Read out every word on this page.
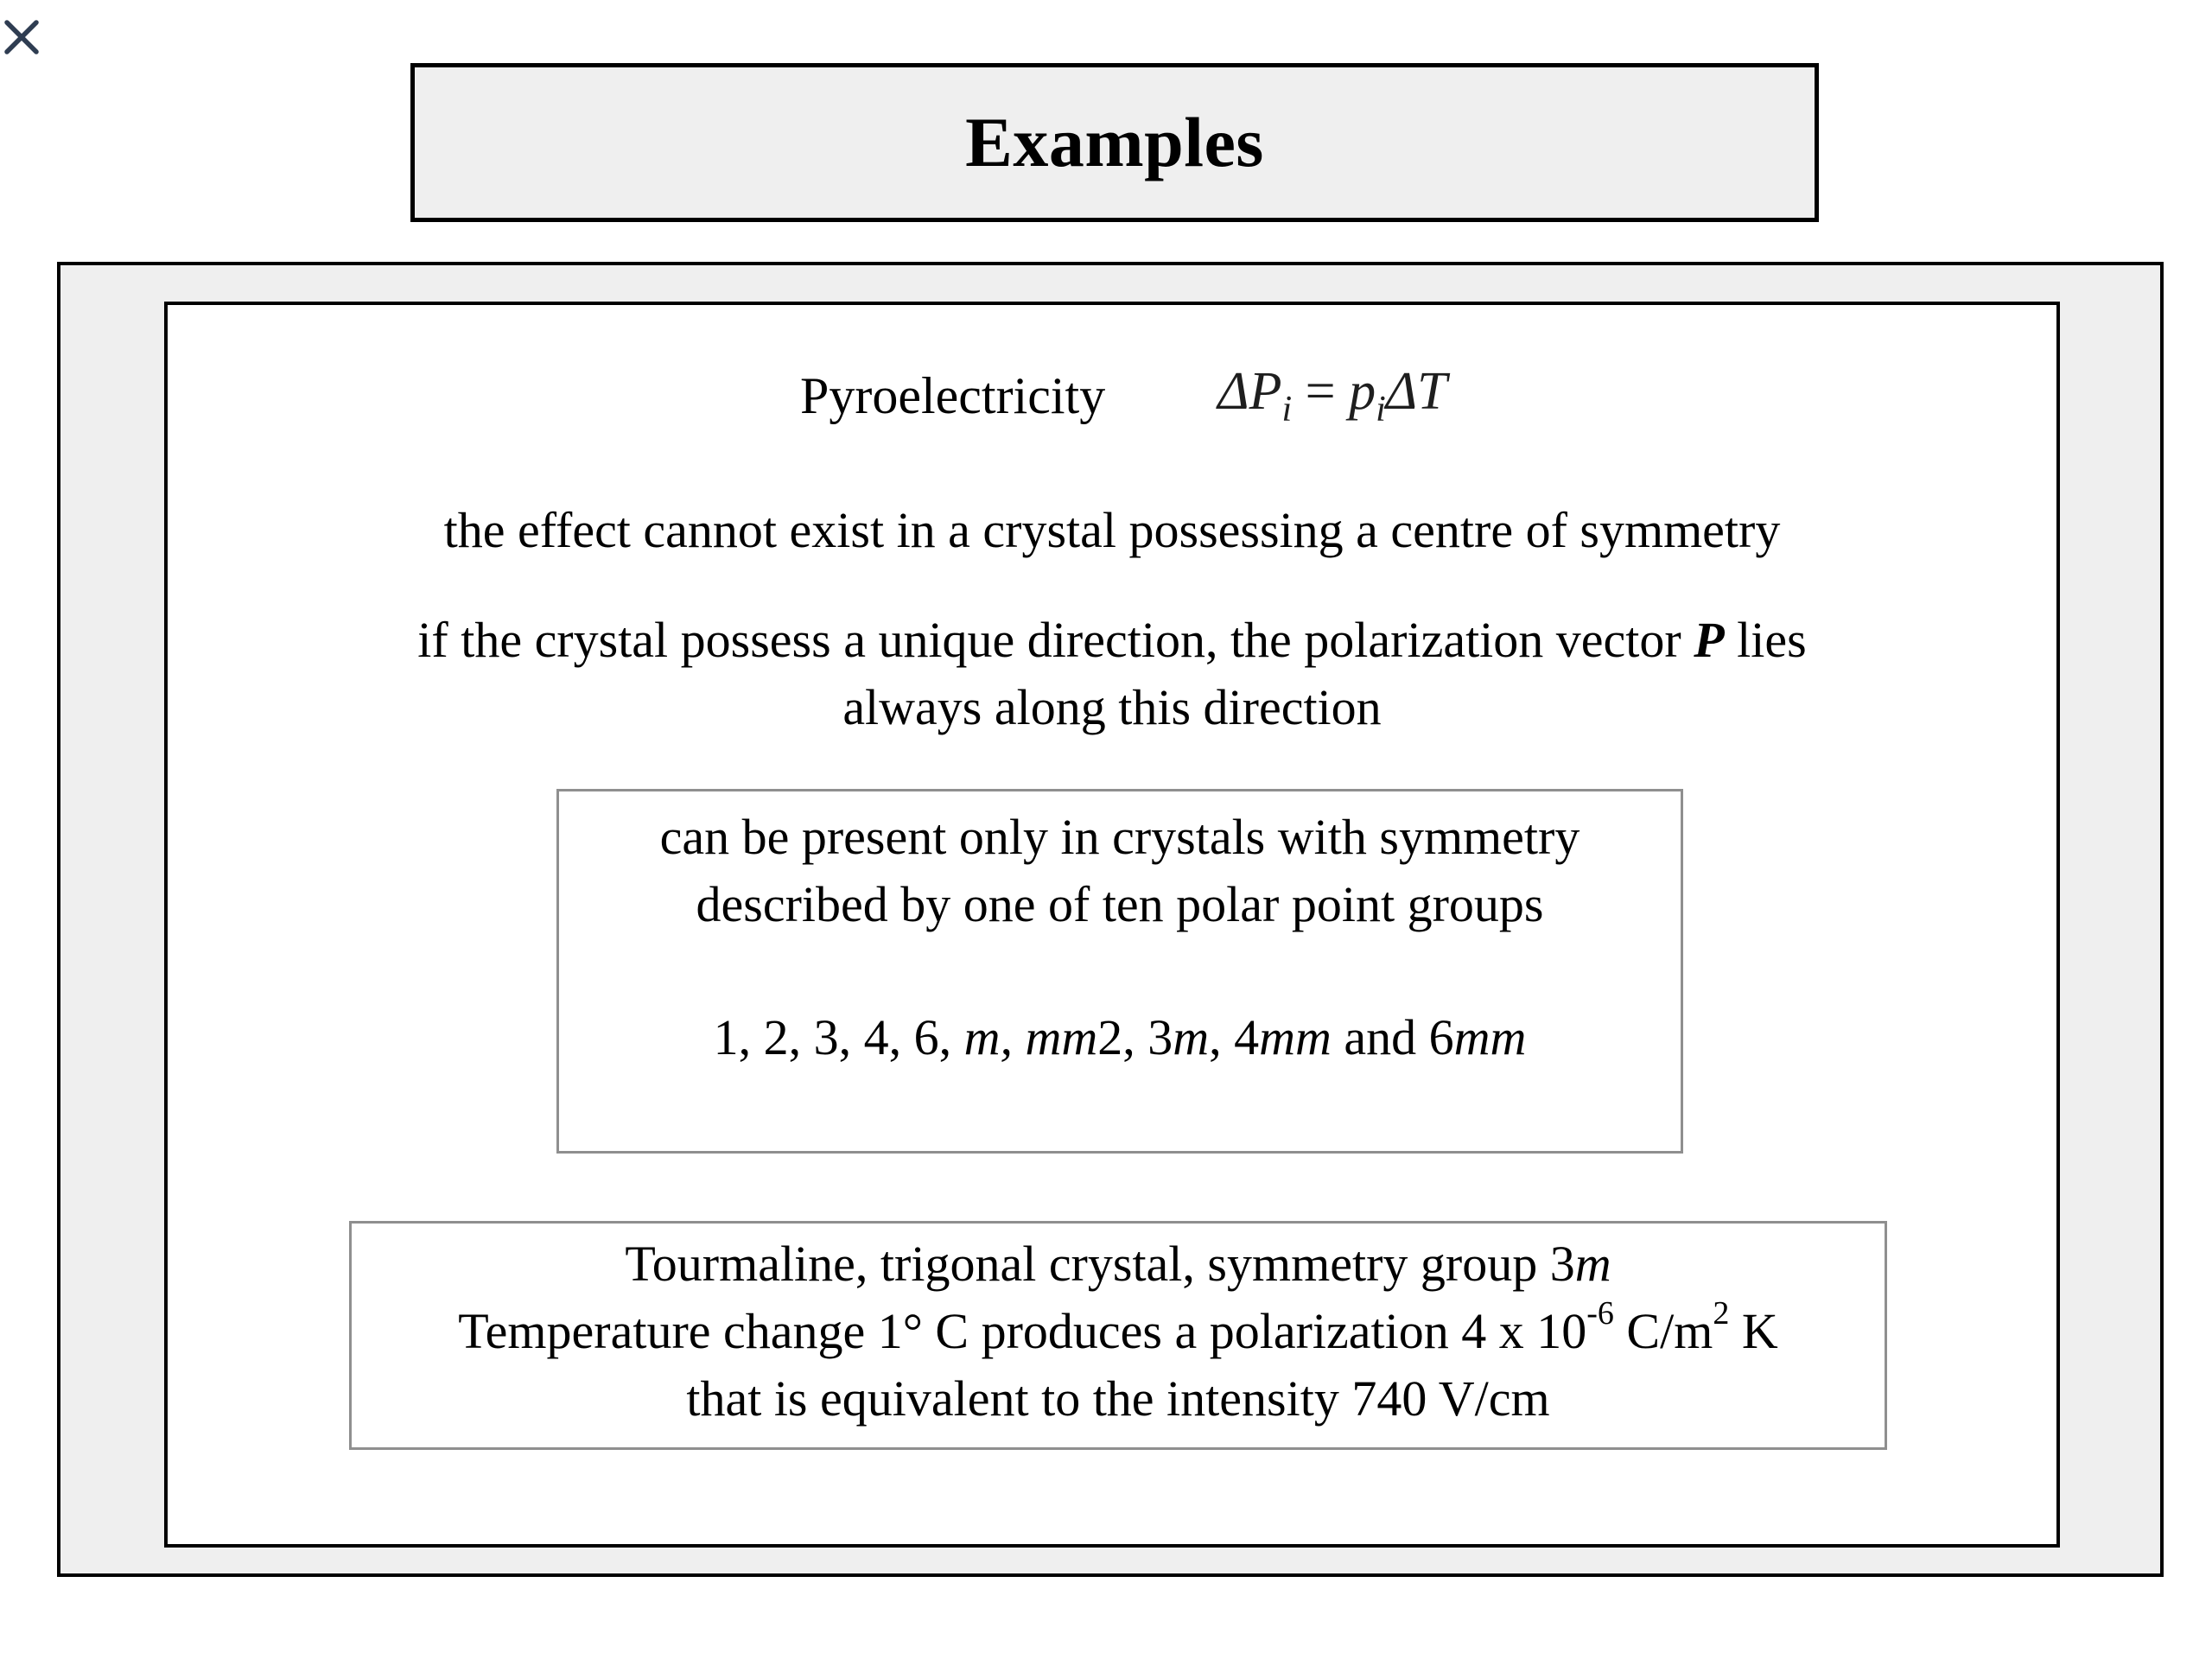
Examples
Pyroelectricity $\Delta P_i = p_i\Delta T$
the effect cannot exist in a crystal possessing a centre of symmetry
if the crystal possess a unique direction, the polarization vector P lies
always along this direction
can be present only in crystals with symmetry
described by one of ten polar point groups
1, 2, 3, 4, 6, m, mm2, 3m, 4mm and 6mm
Tourmaline, trigonal crystal, symmetry group 3m
Temperature change 1° C produces a polarization 4 x $10^{-6}$ $C/m^2$ K
that is equivalent to the intensity 740 V/cm
